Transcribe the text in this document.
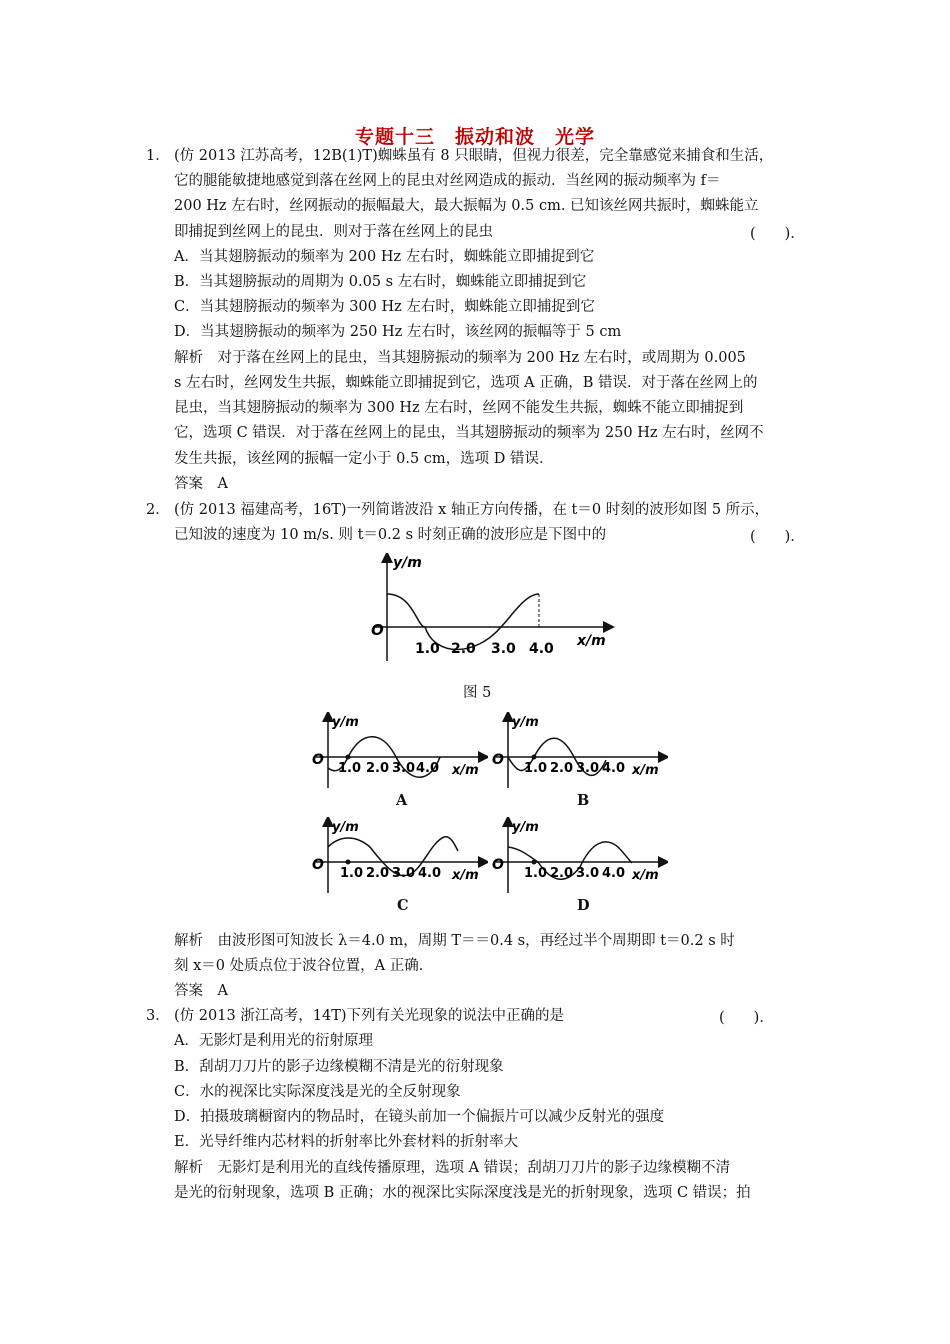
专题十三　振动和波　光学
1． (仿 2013 江苏高考，12B(1)T)蜘蛛虽有 8 只眼睛，但视力很差，完全靠感觉来捕食和生活，
它的腿能敏捷地感觉到落在丝网上的昆虫对丝网造成的振动．当丝网的振动频率为 f＝
200 Hz 左右时，丝网振动的振幅最大，最大振幅为 0.5 cm. 已知该丝网共振时，蜘蛛能立
即捕捉到丝网上的昆虫．则对于落在丝网上的昆虫	(　　)．
A．当其翅膀振动的频率为 200 Hz 左右时，蜘蛛能立即捕捉到它
B．当其翅膀振动的周期为 0.05 s 左右时，蜘蛛能立即捕捉到它
C．当其翅膀振动的频率为 300 Hz 左右时，蜘蛛能立即捕捉到它
D．当其翅膀振动的频率为 250 Hz 左右时，该丝网的振幅等于 5 cm
解析　对于落在丝网上的昆虫，当其翅膀振动的频率为 200 Hz 左右时，或周期为 0.005
s 左右时，丝网发生共振，蜘蛛能立即捕捉到它，选项 A 正确，B 错误．对于落在丝网上的
昆虫，当其翅膀振动的频率为 300 Hz 左右时，丝网不能发生共振，蜘蛛不能立即捕捉到
它，选项 C 错误．对于落在丝网上的昆虫，当其翅膀振动的频率为 250 Hz 左右时，丝网不
发生共振，该丝网的振幅一定小于 0.5 cm，选项 D 错误．
答案　A
2． (仿 2013 福建高考，16T)一列简谐波沿 x 轴正方向传播，在 t＝0 时刻的波形如图 5 所示，
已知波的速度为 10 m/s. 则 t＝0.2 s 时刻正确的波形应是下图中的	(　　)．
y/m
O
1.0 2.0 3.0 4.0 x/m
图 5
y/m
O
1.0 2.0 3.0 4.0 x/m
A
y/m
O
1.0 2.0 3.0 4.0 x/m
B
y/m
O
1.0 2.0 3.0 4.0 x/m
C
y/m
O
1.0 2.0 3.0 4.0 x/m
D
解析　由波形图可知波长 λ＝4.0 m，周期 T＝＝0.4 s，再经过半个周期即 t＝0.2 s 时
刻 x＝0 处质点位于波谷位置，A 正确．
答案　A
3． (仿 2013 浙江高考，14T)下列有关光现象的说法中正确的是	(　　)．
A．无影灯是利用光的衍射原理
B．刮胡刀刀片的影子边缘模糊不清是光的衍射现象
C．水的视深比实际深度浅是光的全反射现象
D．拍摄玻璃橱窗内的物品时，在镜头前加一个偏振片可以减少反射光的强度
E．光导纤维内芯材料的折射率比外套材料的折射率大
解析　无影灯是利用光的直线传播原理，选项 A 错误；刮胡刀刀片的影子边缘模糊不清
是光的衍射现象，选项 B 正确；水的视深比实际深度浅是光的折射现象，选项 C 错误；拍
